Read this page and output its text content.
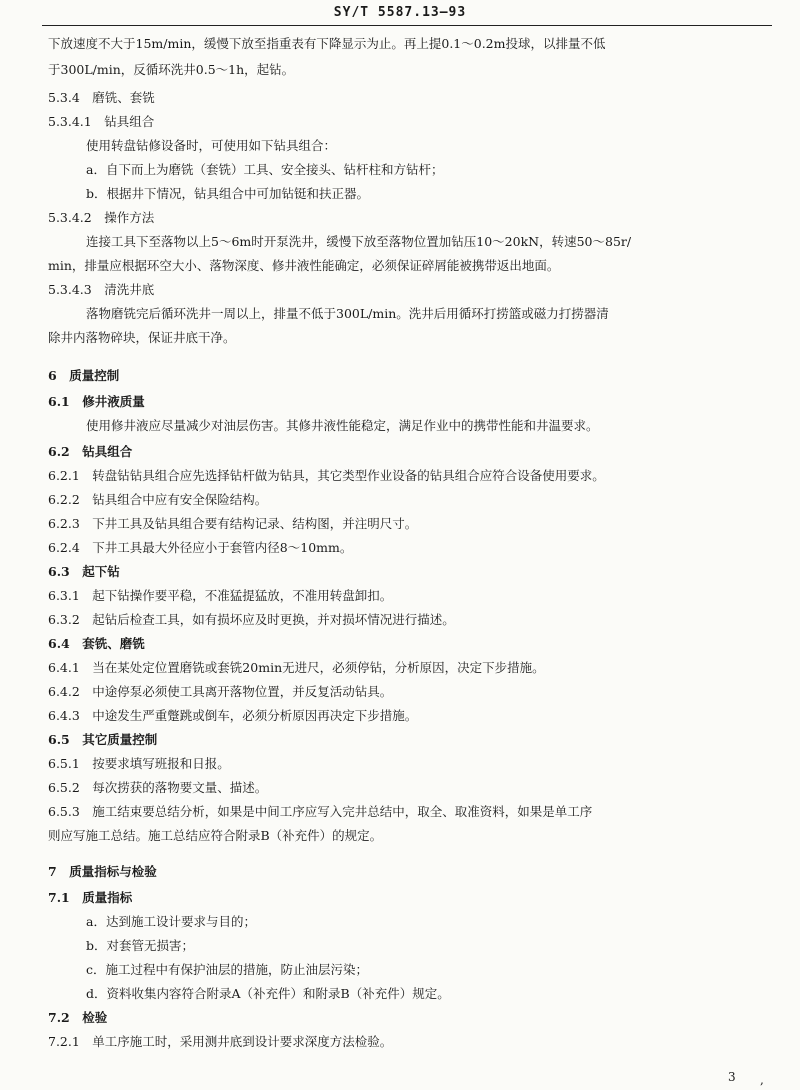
SY/T 5587.13—93
下放速度不大于15m/min，缓慢下放至指重表有下降显示为止。再上提0.1～0.2m投球，以排量不低
于300L/min，反循环洗井0.5～1h，起钻。
5.3.4　磨铣、套铣
5.3.4.1　钻具组合
使用转盘钻修设备时，可使用如下钻具组合：
a．自下而上为磨铣（套铣）工具、安全接头、钻杆柱和方钻杆；
b．根据井下情况，钻具组合中可加钻铤和扶正器。
5.3.4.2　操作方法
连接工具下至落物以上5～6m时开泵洗井，缓慢下放至落物位置加钻压10～20kN，转速50～85r/
min，排量应根据环空大小、落物深度、修井液性能确定，必须保证碎屑能被携带返出地面。
5.3.4.3　清洗井底
落物磨铣完后循环洗井一周以上，排量不低于300L/min。洗井后用循环打捞篮或磁力打捞器清
除井内落物碎块，保证井底干净。
6　质量控制
6.1　修井液质量
使用修井液应尽量减少对油层伤害。其修井液性能稳定，满足作业中的携带性能和井温要求。
6.2　钻具组合
6.2.1　转盘钻钻具组合应先选择钻杆做为钻具，其它类型作业设备的钻具组合应符合设备使用要求。
6.2.2　钻具组合中应有安全保险结构。
6.2.3　下井工具及钻具组合要有结构记录、结构图，并注明尺寸。
6.2.4　下井工具最大外径应小于套管内径8～10mm。
6.3　起下钻
6.3.1　起下钻操作要平稳，不准猛提猛放，不准用转盘卸扣。
6.3.2　起钻后检查工具，如有损坏应及时更换，并对损坏情况进行描述。
6.4　套铣、磨铣
6.4.1　当在某处定位置磨铣或套铣20min无进尺，必须停钻，分析原因，决定下步措施。
6.4.2　中途停泵必须使工具离开落物位置，并反复活动钻具。
6.4.3　中途发生严重蹩跳或倒车，必须分析原因再决定下步措施。
6.5　其它质量控制
6.5.1　按要求填写班报和日报。
6.5.2　每次捞获的落物要文量、描述。
6.5.3　施工结束要总结分析，如果是中间工序应写入完井总结中，取全、取准资料，如果是单工序
则应写施工总结。施工总结应符合附录B（补充件）的规定。
7　质量指标与检验
7.1　质量指标
a．达到施工设计要求与目的；
b．对套管无损害；
c．施工过程中有保护油层的措施，防止油层污染；
d．资料收集内容符合附录A（补充件）和附录B（补充件）规定。
7.2　检验
7.2.1　单工序施工时，采用测井底到设计要求深度方法检验。
3 ,
